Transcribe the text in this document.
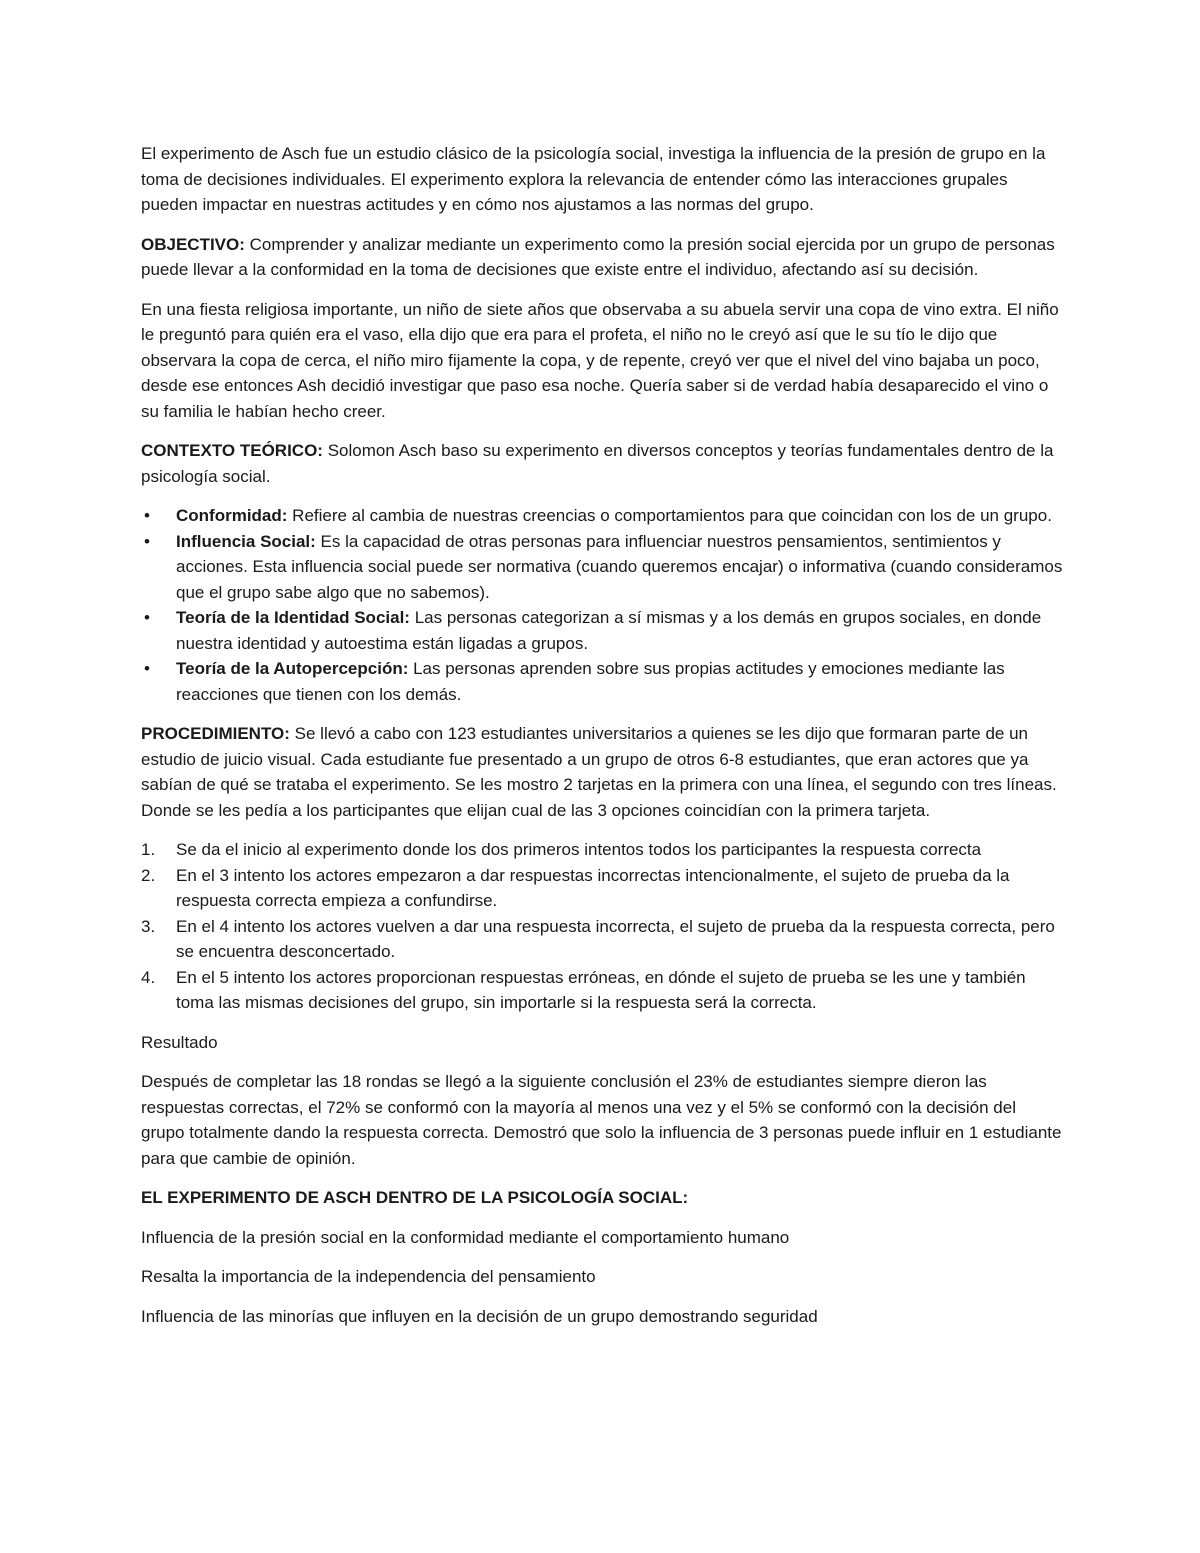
El experimento de Asch fue un estudio clásico de la psicología social, investiga la influencia de la presión de grupo en la toma de decisiones individuales. El experimento explora la relevancia de entender cómo las interacciones grupales pueden impactar en nuestras actitudes y en cómo nos ajustamos a las normas del grupo.

OBJECTIVO: Comprender y analizar mediante un experimento como la presión social ejercida por un grupo de personas puede llevar a la conformidad en la toma de decisiones que existe entre el individuo, afectando así su decisión.

En una fiesta religiosa importante, un niño de siete años que observaba a su abuela servir una copa de vino extra. El niño le preguntó para quién era el vaso, ella dijo que era para el profeta, el niño no le creyó así que le su tío le dijo que observara la copa de cerca, el niño miro fijamente la copa, y de repente, creyó ver que el nivel del vino bajaba un poco, desde ese entonces Ash decidió investigar que paso esa noche. Quería saber si de verdad había desaparecido el vino o su familia le habían hecho creer.

CONTEXTO TEÓRICO: Solomon Asch baso su experimento en diversos conceptos y teorías fundamentales dentro de la psicología social.

• Conformidad: Refiere al cambia de nuestras creencias o comportamientos para que coincidan con los de un grupo.
• Influencia Social: Es la capacidad de otras personas para influenciar nuestros pensamientos, sentimientos y acciones. Esta influencia social puede ser normativa (cuando queremos encajar) o informativa (cuando consideramos que el grupo sabe algo que no sabemos).
• Teoría de la Identidad Social: Las personas categorizan a sí mismas y a los demás en grupos sociales, en donde nuestra identidad y autoestima están ligadas a grupos.
• Teoría de la Autopercepción: Las personas aprenden sobre sus propias actitudes y emociones mediante las reacciones que tienen con los demás.

PROCEDIMIENTO: Se llevó a cabo con 123 estudiantes universitarios a quienes se les dijo que formaran parte de un estudio de juicio visual. Cada estudiante fue presentado a un grupo de otros 6-8 estudiantes, que eran actores que ya sabían de qué se trataba el experimento. Se les mostro 2 tarjetas en la primera con una línea, el segundo con tres líneas. Donde se les pedía a los participantes que elijan cual de las 3 opciones coincidían con la primera tarjeta.

1. Se da el inicio al experimento donde los dos primeros intentos todos los participantes la respuesta correcta
2. En el 3 intento los actores empezaron a dar respuestas incorrectas intencionalmente, el sujeto de prueba da la respuesta correcta empieza a confundirse.
3. En el 4 intento los actores vuelven a dar una respuesta incorrecta, el sujeto de prueba da la respuesta correcta, pero se encuentra desconcertado.
4. En el 5 intento los actores proporcionan respuestas erróneas, en dónde el sujeto de prueba se les une y también toma las mismas decisiones del grupo, sin importarle si la respuesta será la correcta.

Resultado

Después de completar las 18 rondas se llegó a la siguiente conclusión el 23% de estudiantes siempre dieron las respuestas correctas, el 72% se conformó con la mayoría al menos una vez y el 5% se conformó con la decisión del grupo totalmente dando la respuesta correcta. Demostró que solo la influencia de 3 personas puede influir en 1 estudiante para que cambie de opinión.

EL EXPERIMENTO DE ASCH DENTRO DE LA PSICOLOGÍA SOCIAL:

Influencia de la presión social en la conformidad mediante el comportamiento humano

Resalta la importancia de la independencia del pensamiento

Influencia de las minorías que influyen en la decisión de un grupo demostrando seguridad
